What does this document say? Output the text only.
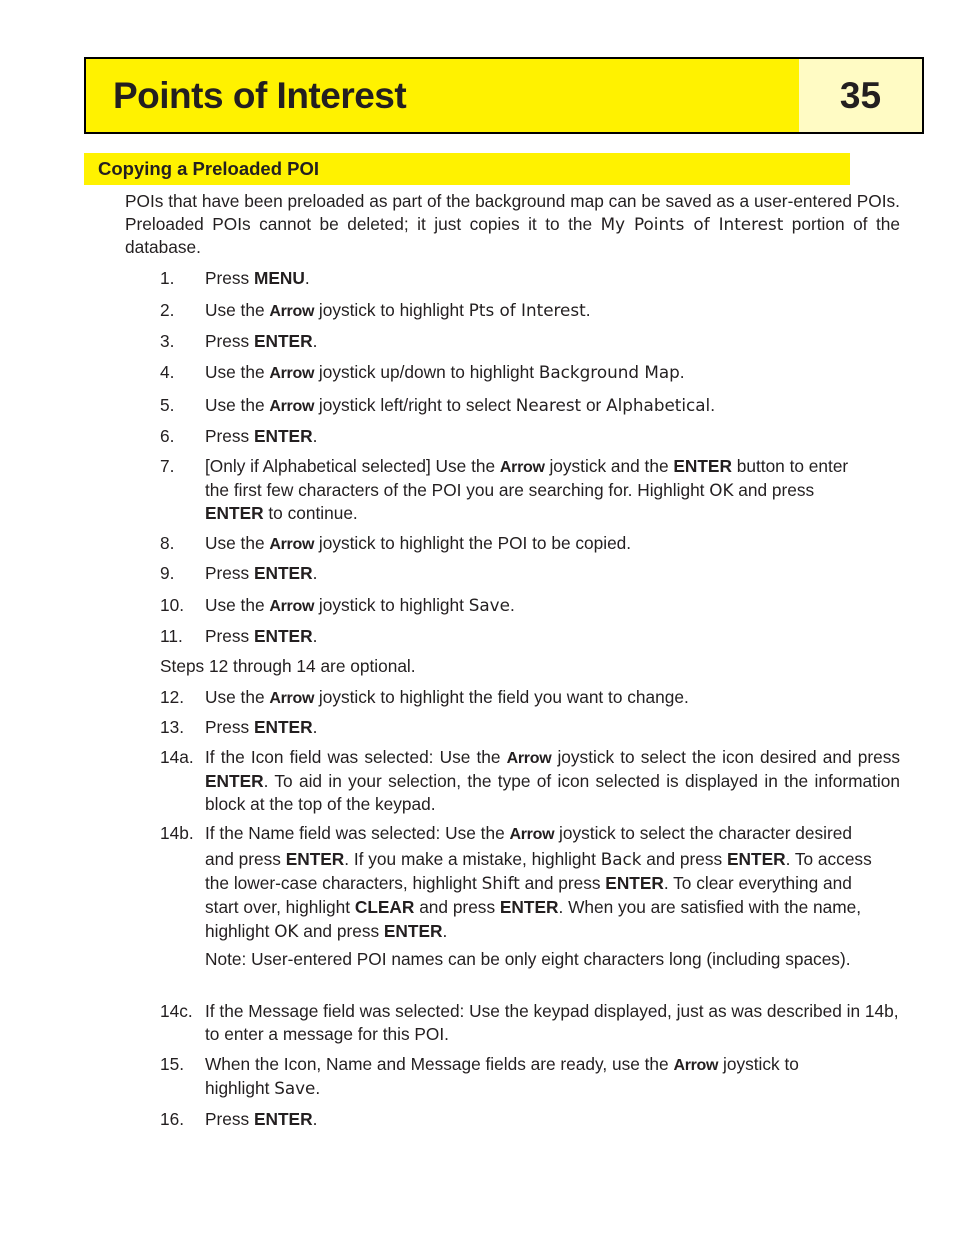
Points of Interest	35
Copying a Preloaded POI
POIs that have been preloaded as part of the background map can be saved as a user-entered POIs. Preloaded POIs cannot be deleted; it just copies it to the My Points of Interest portion of the database.
1. Press MENU.
2. Use the Arrow joystick to highlight Pts of Interest.
3. Press ENTER.
4. Use the Arrow joystick up/down to highlight Background Map.
5. Use the Arrow joystick left/right to select Nearest or Alphabetical.
6. Press ENTER.
7. [Only if Alphabetical selected] Use the Arrow joystick and the ENTER button to enter the first few characters of the POI you are searching for. Highlight OK and press ENTER to continue.
8. Use the Arrow joystick to highlight the POI to be copied.
9. Press ENTER.
10. Use the Arrow joystick to highlight Save.
11. Press ENTER.
Steps 12 through 14 are optional.
12. Use the Arrow joystick to highlight the field you want to change.
13. Press ENTER.
14a. If the Icon field was selected: Use the Arrow joystick to select the icon desired and press ENTER. To aid in your selection, the type of icon selected is displayed in the information block at the top of the keypad.
14b. If the Name field was selected: Use the Arrow joystick to select the character desired and press ENTER. If you make a mistake, highlight Back and press ENTER. To access the lower-case characters, highlight Shift and press ENTER. To clear everything and start over, highlight CLEAR and press ENTER. When you are satisfied with the name, highlight OK and press ENTER.
Note: User-entered POI names can be only eight characters long (including spaces).
14c. If the Message field was selected: Use the keypad displayed, just as was described in 14b, to enter a message for this POI.
15. When the Icon, Name and Message fields are ready, use the Arrow joystick to highlight Save.
16. Press ENTER.
